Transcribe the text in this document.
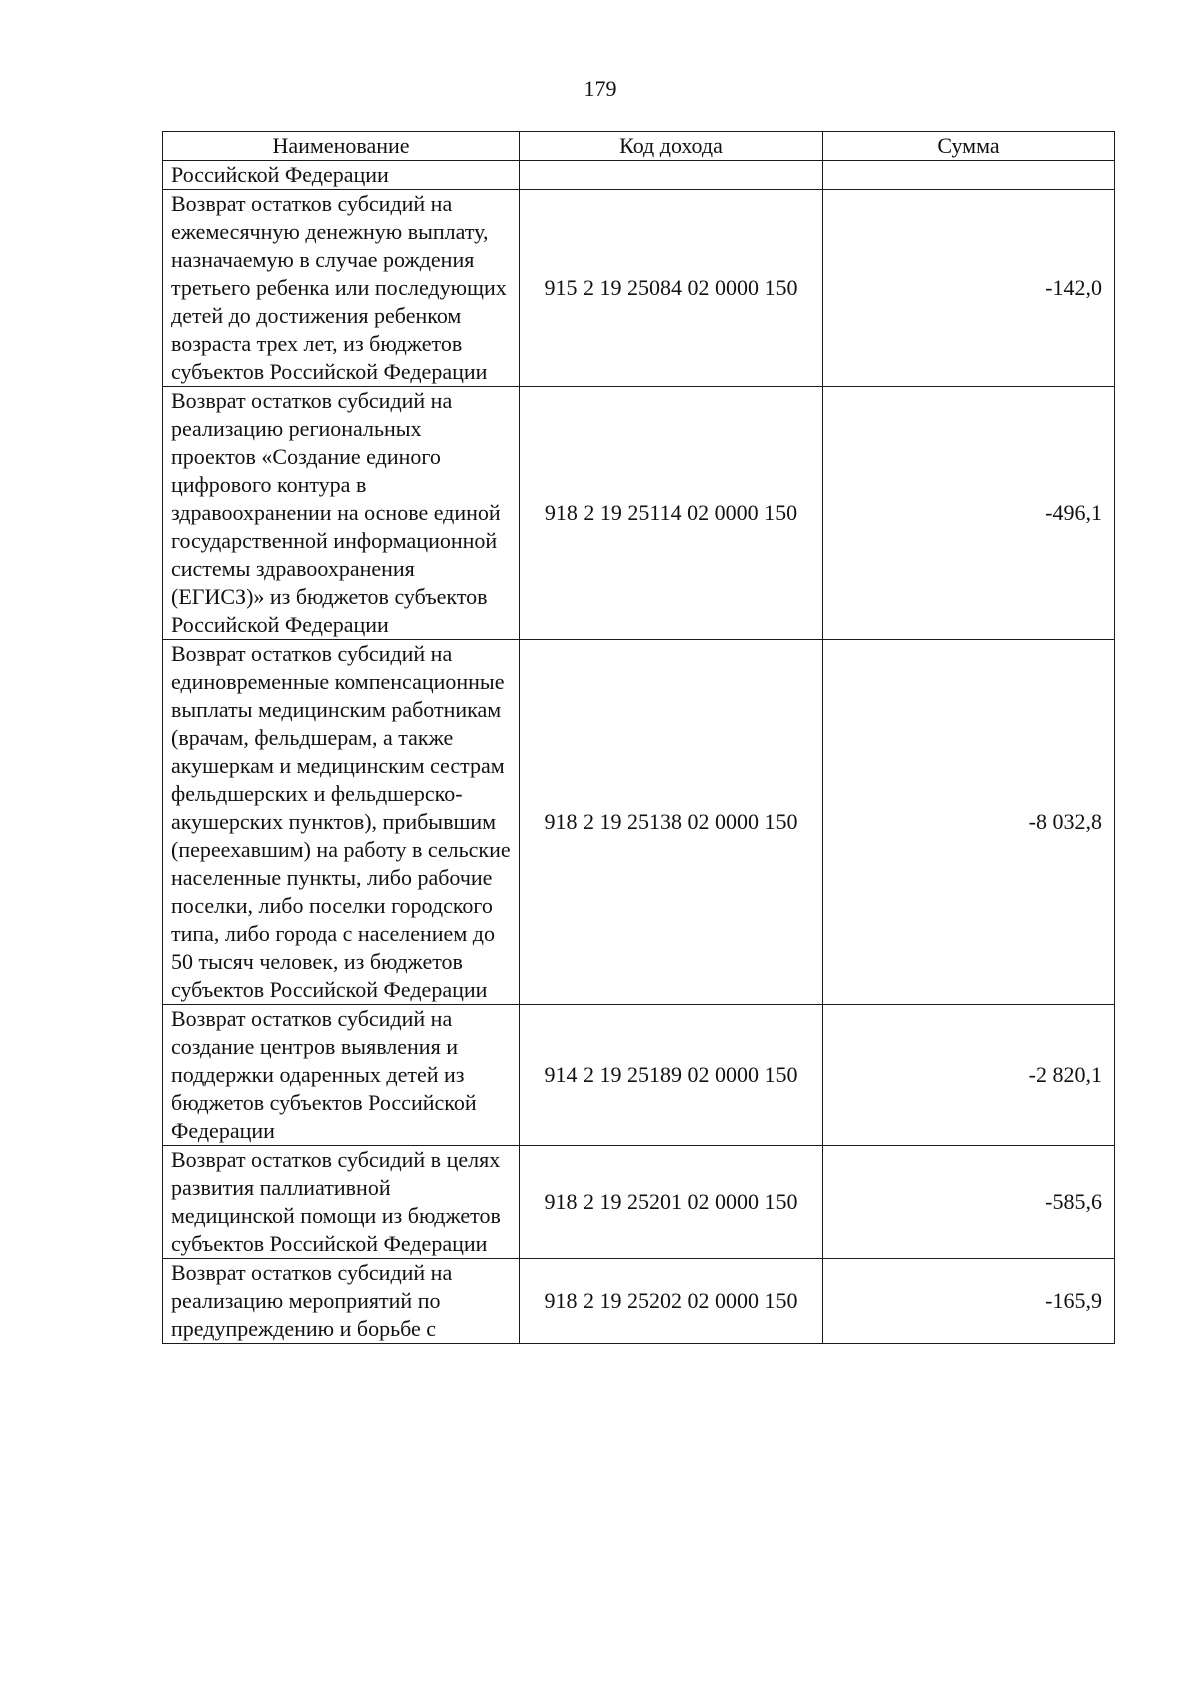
179
Наименование	Код дохода	Сумма
Российской Федерации		
Возврат остатков субсидий на ежемесячную денежную выплату, назначаемую в случае рождения третьего ребенка или последующих детей до достижения ребенком возраста трех лет, из бюджетов субъектов Российской Федерации	915 2 19 25084 02 0000 150	-142,0
Возврат остатков субсидий на реализацию региональных проектов «Создание единого цифрового контура в здравоохранении на основе единой государственной информационной системы здравоохранения (ЕГИСЗ)» из бюджетов субъектов Российской Федерации	918 2 19 25114 02 0000 150	-496,1
Возврат остатков субсидий на единовременные компенсационные выплаты медицинским работникам (врачам, фельдшерам, а также акушеркам и медицинским сестрам фельдшерских и фельдшерско-акушерских пунктов), прибывшим (переехавшим) на работу в сельские населенные пункты, либо рабочие поселки, либо поселки городского типа, либо города с населением до 50 тысяч человек, из бюджетов субъектов Российской Федерации	918 2 19 25138 02 0000 150	-8 032,8
Возврат остатков субсидий на создание центров выявления и поддержки одаренных детей из бюджетов субъектов Российской Федерации	914 2 19 25189 02 0000 150	-2 820,1
Возврат остатков субсидий в целях развития паллиативной медицинской помощи из бюджетов субъектов Российской Федерации	918 2 19 25201 02 0000 150	-585,6
Возврат остатков субсидий на реализацию мероприятий по предупреждению и борьбе с	918 2 19 25202 02 0000 150	-165,9
